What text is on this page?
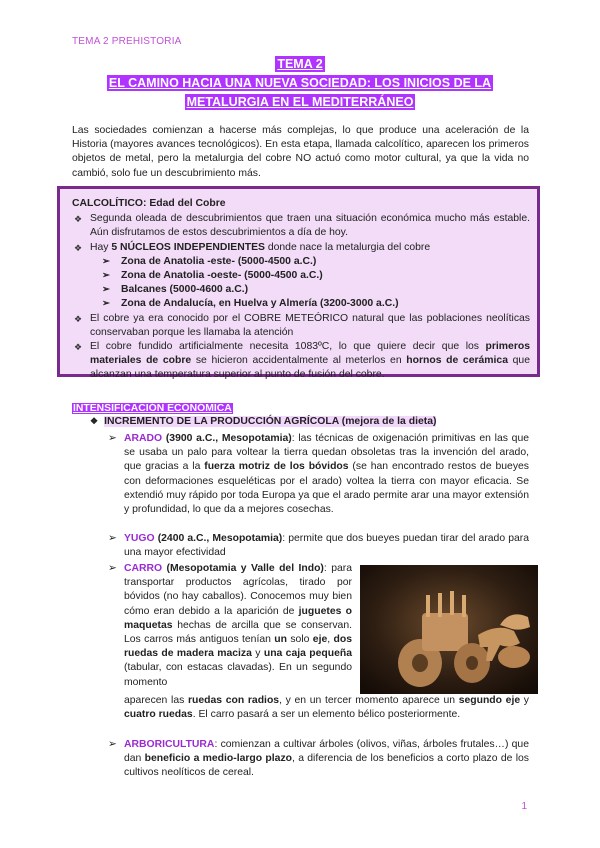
TEMA 2 PREHISTORIA
TEMA 2
EL CAMINO HACIA UNA NUEVA SOCIEDAD: LOS INICIOS DE LA
METALURGIA EN EL MEDITERRÁNEO
Las sociedades comienzan a hacerse más complejas, lo que produce una aceleración de la Historia (mayores avances tecnológicos). En esta etapa, llamada calcolítico, aparecen los primeros objetos de metal, pero la metalurgia del cobre NO actuó como motor cultural, ya que la vida no cambió, solo fue un descubrimiento más.
CALCOLÍTICO: Edad del Cobre
❖ Segunda oleada de descubrimientos que traen una situación económica mucho más estable. Aún disfrutamos de estos descubrimientos a día de hoy.
❖ Hay 5 NÚCLEOS INDEPENDIENTES donde nace la metalurgia del cobre
➢ Zona de Anatolia -este- (5000-4500 a.C.)
➢ Zona de Anatolia -oeste- (5000-4500 a.C.)
➢ Balcanes (5000-4600 a.C.)
➢ Zona de Andalucía, en Huelva y Almería (3200-3000 a.C.)
❖ El cobre ya era conocido por el COBRE METEÓRICO natural que las poblaciones neolíticas conservaban porque les llamaba la atención
❖ El cobre fundido artificialmente necesita 1083ºC, lo que quiere decir que los primeros materiales de cobre se hicieron accidentalmente al meterlos en hornos de cerámica que alcanzan una temperatura superior al punto de fusión del cobre.
INTENSIFICACIÓN ECONÓMICA
❖ INCREMENTO DE LA PRODUCCIÓN AGRÍCOLA (mejora de la dieta)
➢ ARADO (3900 a.C., Mesopotamia): las técnicas de oxigenación primitivas en las que se usaba un palo para voltear la tierra quedan obsoletas tras la invención del arado, que gracias a la fuerza motriz de los bóvidos (se han encontrado restos de bueyes con deformaciones esqueléticas por el arado) voltea la tierra con mayor eficacia. Se extendió muy rápido por toda Europa ya que el arado permite arar una mayor extensión y profundidad, lo que da a mejores cosechas.
➢ YUGO (2400 a.C., Mesopotamia): permite que dos bueyes puedan tirar del arado para una mayor efectividad
➢ CARRO (Mesopotamia y Valle del Indo): para transportar productos agrícolas, tirado por bóvidos (no hay caballos). Conocemos muy bien cómo eran debido a la aparición de juguetes o maquetas hechas de arcilla que se conservan. Los carros más antiguos tenían un solo eje, dos ruedas de madera maciza y una caja pequeña (tabular, con estacas clavadas). En un segundo momento
aparecen las ruedas con radios, y en un tercer momento aparece un segundo eje y cuatro ruedas. El carro pasará a ser un elemento bélico posteriormente.
➢ ARBORICULTURA: comienzan a cultivar árboles (olivos, viñas, árboles frutales…) que dan beneficio a medio-largo plazo, a diferencia de los beneficios a corto plazo de los cultivos neolíticos de cereal.
1
